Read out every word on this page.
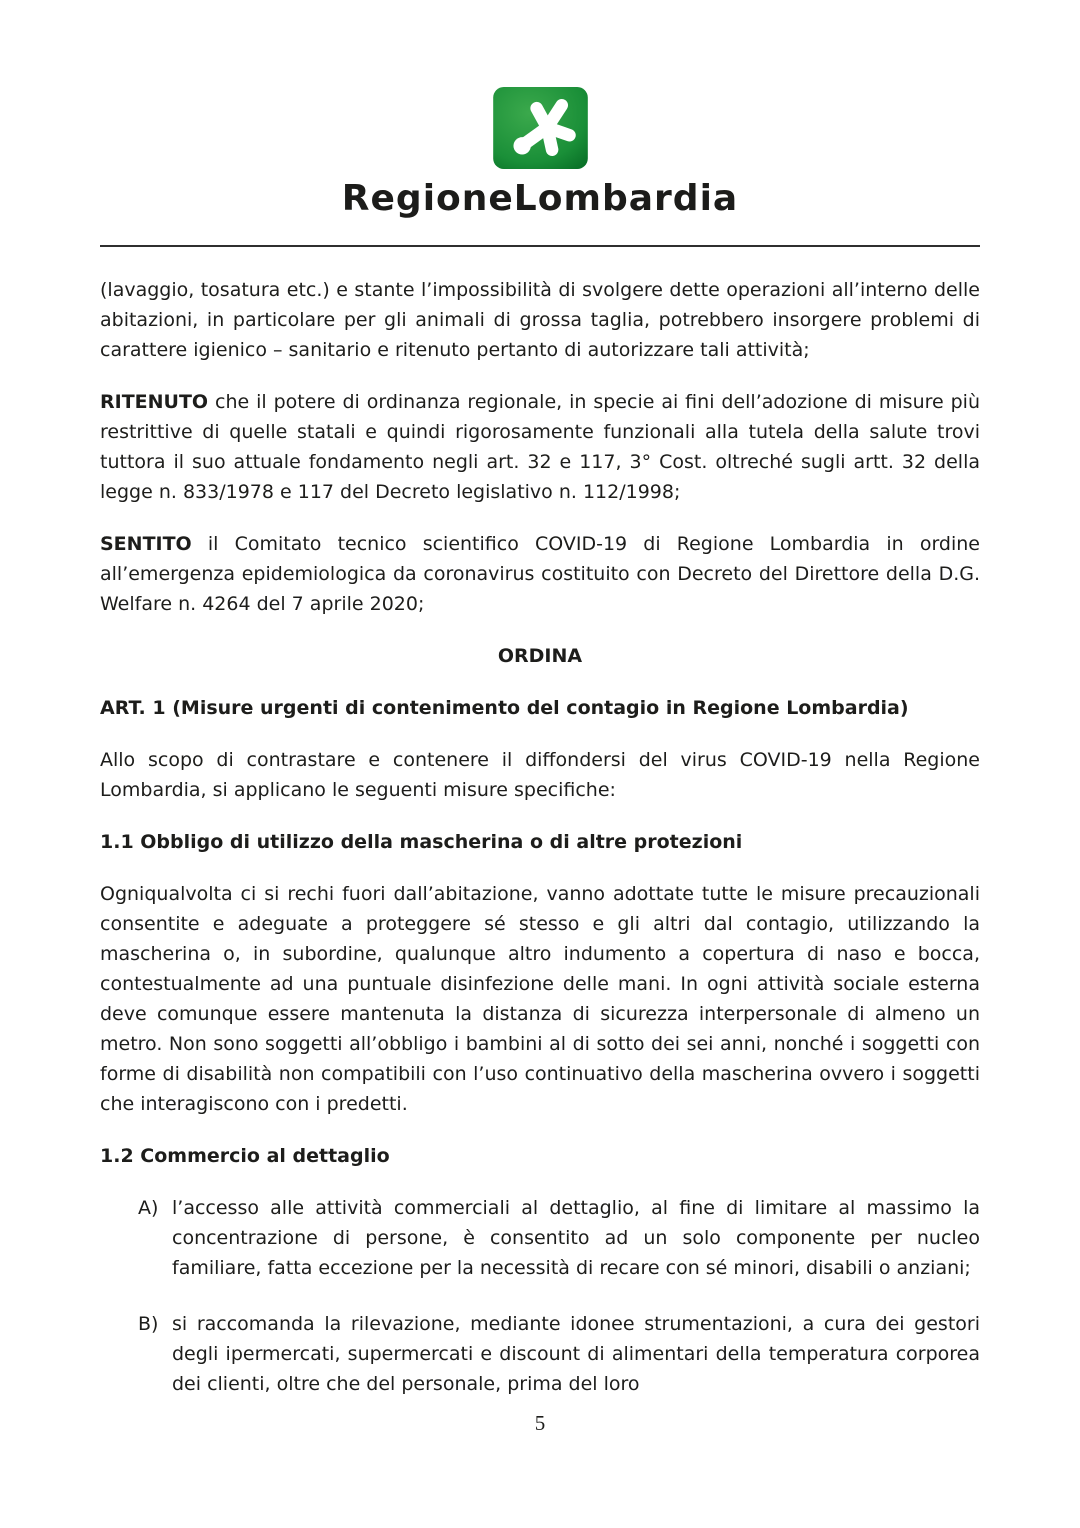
RegioneLombardia

(lavaggio, tosatura etc.) e stante l’impossibilità di svolgere dette operazioni all’interno delle abitazioni, in particolare per gli animali di grossa taglia, potrebbero insorgere problemi di carattere igienico – sanitario e ritenuto pertanto di autorizzare tali attività;

RITENUTO che il potere di ordinanza regionale, in specie ai fini dell’adozione di misure più restrittive di quelle statali e quindi rigorosamente funzionali alla tutela della salute trovi tuttora il suo attuale fondamento negli art. 32 e 117, 3° Cost. oltreché sugli artt. 32 della legge n. 833/1978 e 117 del Decreto legislativo n. 112/1998;

SENTITO il Comitato tecnico scientifico COVID-19 di Regione Lombardia in ordine all’emergenza epidemiologica da coronavirus costituito con Decreto del Direttore della D.G. Welfare n. 4264 del 7 aprile 2020;

ORDINA

ART. 1 (Misure urgenti di contenimento del contagio in Regione Lombardia)

Allo scopo di contrastare e contenere il diffondersi del virus COVID-19 nella Regione Lombardia, si applicano le seguenti misure specifiche:

1.1 Obbligo di utilizzo della mascherina o di altre protezioni

Ogniqualvolta ci si rechi fuori dall’abitazione, vanno adottate tutte le misure precauzionali consentite e adeguate a proteggere sé stesso e gli altri dal contagio, utilizzando la mascherina o, in subordine, qualunque altro indumento a copertura di naso e bocca, contestualmente ad una puntuale disinfezione delle mani. In ogni attività sociale esterna deve comunque essere mantenuta la distanza di sicurezza interpersonale di almeno un metro. Non sono soggetti all’obbligo i bambini al di sotto dei sei anni, nonché i soggetti con forme di disabilità non compatibili con l’uso continuativo della mascherina ovvero i soggetti che interagiscono con i predetti.

1.2 Commercio al dettaglio

A) l’accesso alle attività commerciali al dettaglio, al fine di limitare al massimo la concentrazione di persone, è consentito ad un solo componente per nucleo familiare, fatta eccezione per la necessità di recare con sé minori, disabili o anziani;
B) si raccomanda la rilevazione, mediante idonee strumentazioni, a cura dei gestori degli ipermercati, supermercati e discount di alimentari della temperatura corporea dei clienti, oltre che del personale, prima del loro
5
